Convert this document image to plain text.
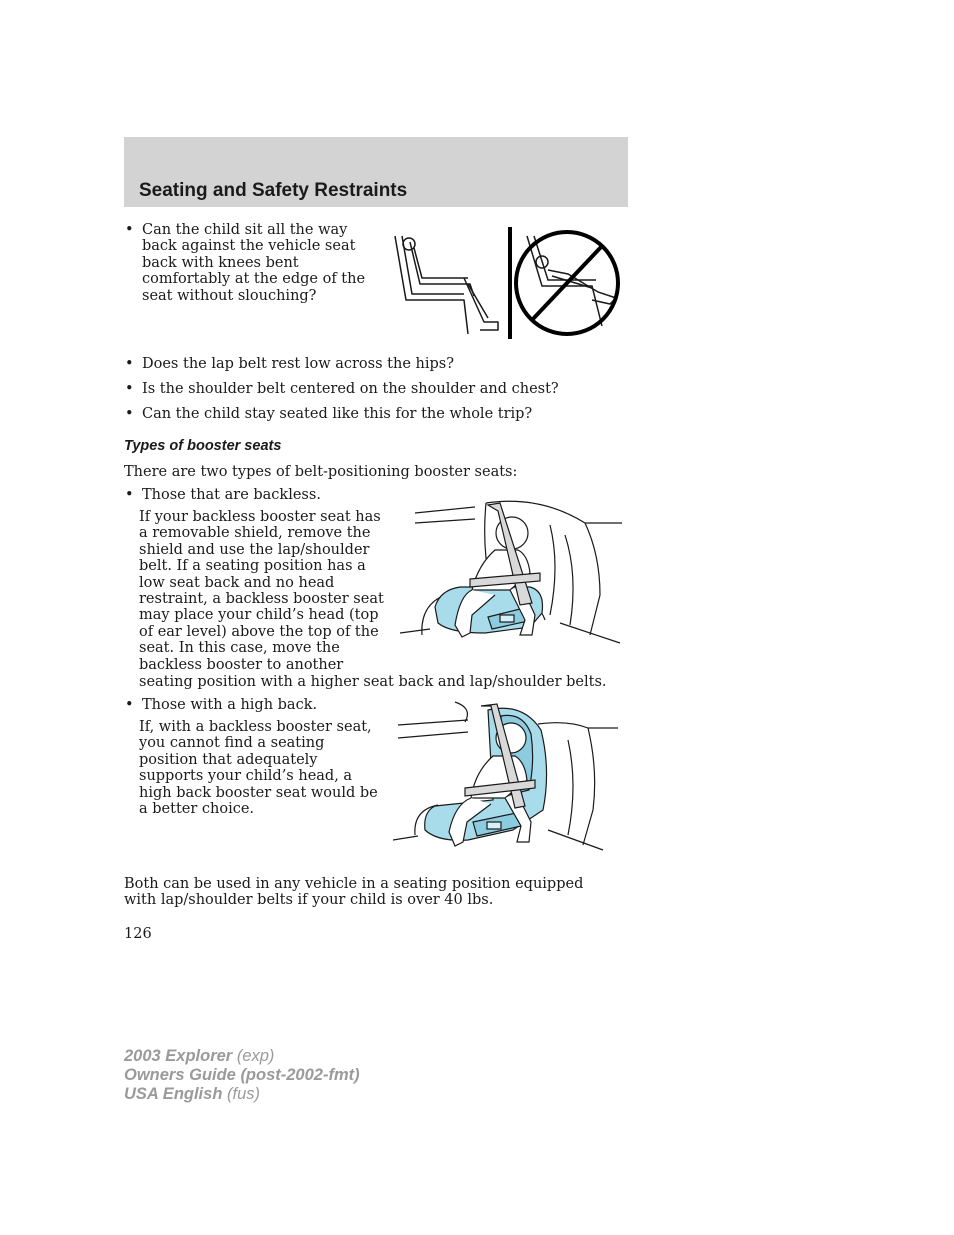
Seating and Safety Restraints
• Can the child sit all the way back against the vehicle seat back with knees bent comfortably at the edge of the seat without slouching?
• Does the lap belt rest low across the hips?
• Is the shoulder belt centered on the shoulder and chest?
• Can the child stay seated like this for the whole trip?
Types of booster seats

There are two types of belt-positioning booster seats:

• Those that are backless.

If your backless booster seat has a removable shield, remove the shield and use the lap/shoulder belt. If a seating position has a low seat back and no head restraint, a backless booster seat may place your child’s head (top of ear level) above the top of the seat. In this case, move the backless booster to another

seating position with a higher seat back and lap/shoulder belts.

• Those with a high back.

If, with a backless booster seat, you cannot find a seating position that adequately supports your child’s head, a high back booster seat would be a better choice.

Both can be used in any vehicle in a seating position equipped with lap/shoulder belts if your child is over 40 lbs.

126

2003 Explorer (exp)
Owners Guide (post-2002-fmt)
USA English (fus)
